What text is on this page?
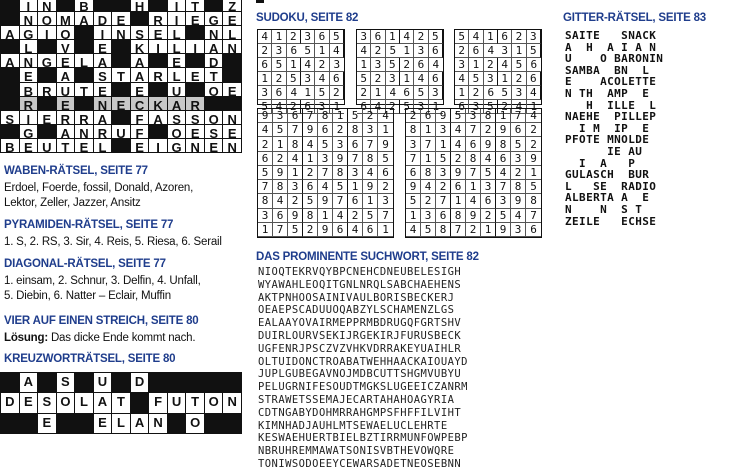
I N	B	H	I T	Z
N O M A D E	R I E G E
A G I O	I N S E L	N L
L	V	E	K I L I A N
A N G E L A	A	E	D
E	A	S T A R L E T
B R U T E	E	U	O E
R	E	N E C K A R
S I E R R A	F A S S O N
G	A N R U F	O E S E
B E U T E L	E I G N E N
WABEN-RÄTSEL, SEITE 77
Erdoel, Foerde, fossil, Donald, Azoren,
Lektor, Zeller, Jazzer, Ansitz
PYRAMIDEN-RÄTSEL, SEITE 77
1. S, 2. RS, 3. Sir, 4. Reis, 5. Riesa, 6. Serail
DIAGONAL-RÄTSEL, SEITE 77
1. einsam, 2. Schnur, 3. Delfin, 4. Unfall,
5. Diebin, 6. Natter – Eclair, Muffin
VIER AUF EINEN STREICH, SEITE 80
Lösung: Das dicke Ende kommt nach.
KREUZWORTRÄTSEL, SEITE 80
A	S	U	D
D E S O L A T	F U T O N
E	E L A N	O
SUDOKU, SEITE 82
4 1 2 3 6 5
2 3 6 5 1 4
6 5 1 4 2 3
1 2 5 3 4 6
3 6 4 1 5 2
5 4 2 6 3 1
3 6 1 4 2 5
4 2 5 1 3 6
1 3 5 2 6 4
5 2 3 1 4 6
2 1 4 6 5 3
6 4 2 5 3 1
5 4 1 6 2 3
2 6 4 3 1 5
3 1 2 4 5 6
4 5 3 1 2 6
1 2 6 5 3 4
6 3 5 2 4 1
9 3 6 7 8 1 5 2 4
4 5 7 9 6 2 8 3 1
2 1 8 4 5 3 6 7 9
6 2 4 1 3 9 7 8 5
5 9 1 2 7 8 3 4 6
7 8 3 6 4 5 1 9 2
8 4 2 5 9 7 6 1 3
3 6 9 8 1 4 2 5 7
1 7 5 2 9 6 4 6 1
2 6 9 5 3 8 1 7 4
8 1 3 4 7 2 9 6 2
3 7 1 4 6 9 8 5 2
7 1 5 2 8 4 6 3 9
6 8 3 9 7 5 4 2 1
9 4 2 6 1 3 7 8 5
5 2 7 1 4 6 3 9 8
1 3 6 8 9 2 5 4 7
4 5 8 7 2 1 9 3 6
GITTER-RÄTSEL, SEITE 83
SAITE   SNACK
A  H  A I A N
U    O BARONIN
SAMBA  BN  L
E    ACOLETTE
N TH  AMP  E
H  ILLE  L
NAEHE  PILLEP
I M  IP  E
PFOTE MNOLDE
IE AU
I  A   P
GULASCH  BUR
L   SE  RADIO
ALBERTA A  E
N    N  S T
ZEILE   ECHSE
DAS PROMINENTE SUCHWORT, SEITE 82
NIOQTEKRVQYBPCNEHCDNEUBELESIGH
WYAWAHLEOQITGNLNRQLSABCHAEHENS
AKTPNHOOSAINIVAULBORISBECKERJ
OEAEPSCADUUOQABZYLSCHAMENZLGS
EALAAYOVAIRMEPPRMBDRUGQFGRTSHV
DUIRLOURVSEKIJRGEKIRJFURUSBECK
UGFENRJPSCZVZVHKVDRRAKEYUAIHLR
OLTUIDONCTROABATWEHHAACKAIOUAYD
JUPLGUBEGAVNOJMDBCUTTSHGMVUBYU
PELUGRNIFESOUDTMGKSLUGEEICZANRM
STRAWETSSEMAJECARTAHAHOAGYRIA
CDTNGABYDOHMRRAHGMPSFHFFILVIHT
KIMNHADJAUHLMTSEWAELUCLEHRTE
KESWAEHUERTBIELBZTIRRMUNFOWPEBP
NBRUHREMMAWATSONISVBTHEVOWQRE
TONIWSODOEEYCEWARSADETNEOSEBNN
